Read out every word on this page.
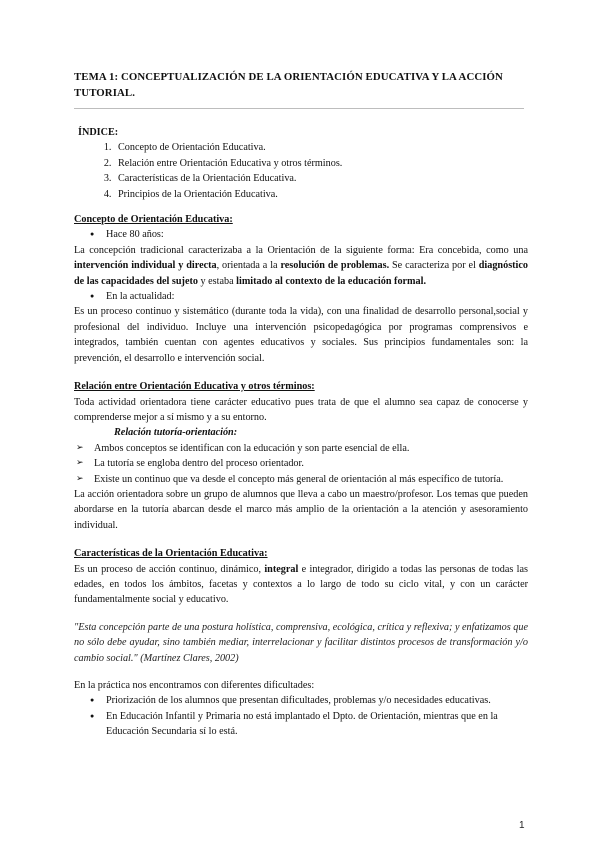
TEMA 1: CONCEPTUALIZACIÓN DE LA ORIENTACIÓN EDUCATIVA Y LA ACCIÓN
TUTORIAL.

ÍNDICE:

1. Concepto de Orientación Educativa.
2. Relación entre Orientación Educativa y otros términos.
3. Características de la Orientación Educativa.
4. Principios de la Orientación Educativa.

Concepto de Orientación Educativa:

● Hace 80 años:

La concepción tradicional caracterizaba a la Orientación de la siguiente forma: Era concebida, como una intervención individual y directa, orientada a la resolución de problemas. Se caracteriza por el diagnóstico de las capacidades del sujeto y estaba limitado al contexto de la educación formal.

● En la actualidad:

Es un proceso continuo y sistemático (durante toda la vida), con una finalidad de desarrollo personal,social y profesional del individuo. Incluye una intervención psicopedagógica por programas comprensivos e integrados, también cuentan con agentes educativos y sociales. Sus principios fundamentales son: la prevención, el desarrollo e intervención social.

Relación entre Orientación Educativa y otros términos:

Toda actividad orientadora tiene carácter educativo pues trata de que el alumno sea capaz de conocerse y comprenderse mejor a sí mismo y a su entorno.

Relación tutoría-orientación:

➢ Ambos conceptos se identifican con la educación y son parte esencial de ella.

➢ La tutoría se engloba dentro del proceso orientador.

➢ Existe un continuo que va desde el concepto más general de orientación al más específico de tutoría.

La acción orientadora sobre un grupo de alumnos que lleva a cabo un maestro/profesor. Los temas que pueden abordarse en la tutoría abarcan desde el marco más amplio de la orientación a la atención y asesoramiento individual.

Características de la Orientación Educativa:

Es un proceso de acción continuo, dinámico, integral e integrador, dirigido a todas las personas de todas las edades, en todos los ámbitos, facetas y contextos a lo largo de todo su ciclo vital, y con un carácter fundamentalmente social y educativo.

"Esta concepción parte de una postura holística, comprensiva, ecológica, crítica y reflexiva; y enfatizamos que no sólo debe ayudar, sino también mediar, interrelacionar y facilitar distintos procesos de transformación y/o cambio social." (Martínez Clares, 2002)

En la práctica nos encontramos con diferentes dificultades:

● Priorización de los alumnos que presentan dificultades, problemas y/o necesidades educativas.

● En Educación Infantil y Primaria no está implantado el Dpto. de Orientación, mientras que en la Educación Secundaria sí lo está.

1
